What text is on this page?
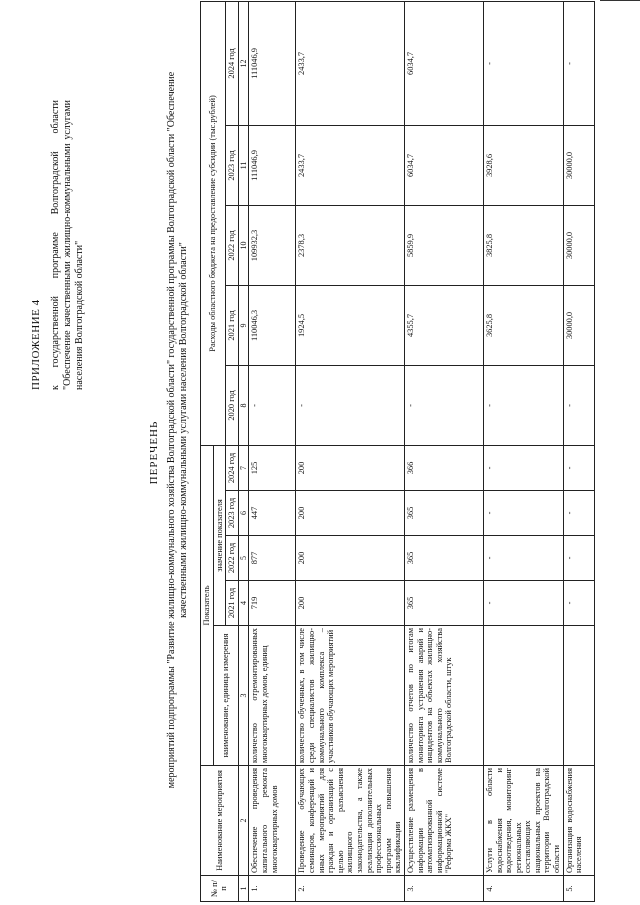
ПРИЛОЖЕНИЕ 4 к государственной программе Волгоградской области "Обеспечение качественными жилищно-коммунальными услугами населения Волгоградской области"
ПЕРЕЧЕНЬ мероприятий подпрограммы "Развитие жилищно-коммунального хозяйства Волгоградской области" государственной программы Волгоградской области "Обеспечение качественными жилищно-коммунальными услугами населения Волгоградской области"
№ п/п	Наименование мероприятия	Показатель					Расходы областного бюджета на предоставление субсидии (тыс.рублей)				
		наименование, единица измерения	значение показателя								
			2021 год	2022 год	2023 год	2024 год	2020 год	2021 год	2022 год	2023 год	2024 год
1	2	3	4	5	6	7	8	9	10	11	12
1.	Обеспечение проведения капитального ремонта многоквартирных домов	количество отремонтированных многоквартирных домов, единиц	719	877	447	125	-	110046,3	109932,3	111046,9	111046,9
2.	Проведение обучающих семинаров, конференций и иных мероприятий для граждан и организаций с целью разъяснения жилищного законодательства, а также реализация дополнительных профессиональных программ повышения квалификации	количество обученных, в том числе среди специалистов жилищно-коммунального комплекса – участников обучающих мероприятий	200	200	200	200	-	1924,5	2378,3	2433,7	2433,7
3.	Осуществление размещения информации в автоматизированной информационной системе "Реформа ЖКХ"	количество отчетов по итогам мониторинга устранения аварий и инцидентов на объектах жилищно-коммунального хозяйства Волгоградской области, штук	365	365	365	366	-	4355,7	5859,9	6034,7	6034,7
4.	Услуги в области водоснабжения и водоотведения, мониторинг региональных составляющих национальных проектов на территории Волгоградской области		-	-	-	-	-	3625,8	3825,8	3928,6	-
5.	Организация водоснабжения населения		-	-	-	-	-	30000,0	30000,0	30000,0	-
